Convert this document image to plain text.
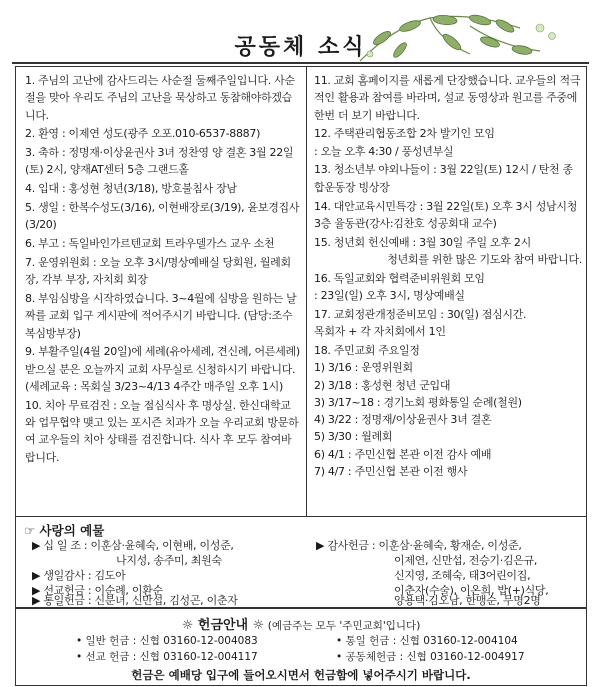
공동체 소식
1. 주님의 고난에 감사드리는 사순절 둘째주일입니다. 사순절을 맞아 우리도 주님의 고난을 묵상하고 동참해야하겠습니다.
2. 환영 : 이제연 성도(광주 오포.010-6537-8887)
3. 축하 : 정명재·이상윤권사 3녀 정찬영 양 결혼 3월 22일(토) 2시, 양재AT센터 5층 그랜드홀
4. 입대 : 홍성현 청년(3/18), 방호불침사 장남
5. 생일 : 한복수성도(3/16), 이현배장로(3/19), 윤보경집사(3/20)
6. 부고 : 독일바인가르텐교회 트라우델가스 교우 소천
7. 운영위원회 : 오늘 오후 3시/명상예배실 당회원, 월례회장, 각부 부장, 자치회 회장
8. 부임심방을 시작하였습니다. 3~4월에 심방을 원하는 날짜를 교회 입구 게시판에 적어주시기 바랍니다. (담당:조수복심방부장)
9. 부활주일(4월 20일)에 세례(유아세례, 견신례, 어른세례) 받으실 분은 오늘까지 교회 사무실로 신청하시기 바랍니다. (세례교육 : 목회실 3/23~4/13 4주간 매주일 오후 1시)
10. 치아 무료검진 : 오늘 점심식사 후 명상실. 한신대학교와 업무협약 맺고 있는 포시즌 치과가 오늘 우리교회 방문하여 교우들의 치아 상태를 검진합니다. 식사 후 모두 참여바랍니다.
11. 교회 홈페이지를 새롭게 단장했습니다. 교우들의 적극적인 활용과 참여를 바라며, 설교 동영상과 원고를 주중에 한번 더 보기 바랍니다.
12. 주택관리협동조합 2차 발기인 모임
: 오늘 오후 4:30 / 풍성년부실
13. 청소년부 야외나들이 : 3월 22일(토) 12시 / 탄천 종합운동장 빙상장
14. 대안교육시민특강 : 3월 22일(토) 오후 3시 성남시청 3층 율동관(강사:김찬호 성공회대 교수)
15. 청년회 헌신예배 : 3월 30일 주일 오후 2시
청년회를 위한 많은 기도와 참여 바랍니다.
16. 독일교회와 협력준비위원회 모임
: 23일(일) 오후 3시, 명상예배실
17. 교회정관개정준비모임 : 30(일) 점심시간.
목회자 + 각 자치회에서 1인
18. 주민교회 주요일정
1) 3/16 : 운영위원회
2) 3/18 : 홍성현 청년 군입대
3) 3/17~18 : 경기노회 평화통일 순례(철원)
4) 3/22 : 정명재/이상윤권사 3녀 결혼
5) 3/30 : 월례회
6) 4/1 : 주민신협 본관 이전 감사 예배
7) 4/7 : 주민신협 본관 이전 행사
☞ 사랑의 예물
▶ 십 일 조 : 이훈삼·윤혜숙, 이현배, 이성준,
나지성, 송주미, 최원숙
▶ 생일감사 : 김도아
▶ 선교헌금 : 이순례, 이환순
▶ 통일헌금 : 신분녀, 신만섭, 김성곤, 이춘자
▶ 감사헌금 : 이훈삼·윤혜숙, 황재순, 이성준,
이제연, 신만섭, 전승기·김은규,
신지영, 조혜숙, 태3어린이집,
이춘자(수술), 이온희, 밥(+)식당,
양용택·김오남, 한맹순, 무명2명
☼ 헌금안내 ☼ (예금주는 모두 '주민교회'입니다)
• 일반 헌금 : 신협 03160-12-004083	• 통일 헌금 : 신협 03160-12-004104
• 선교 헌금 : 신협 03160-12-004117	• 공동체헌금 : 신협 03160-12-004917
헌금은 예배당 입구에 들어오시면서 헌금함에 넣어주시기 바랍니다.
